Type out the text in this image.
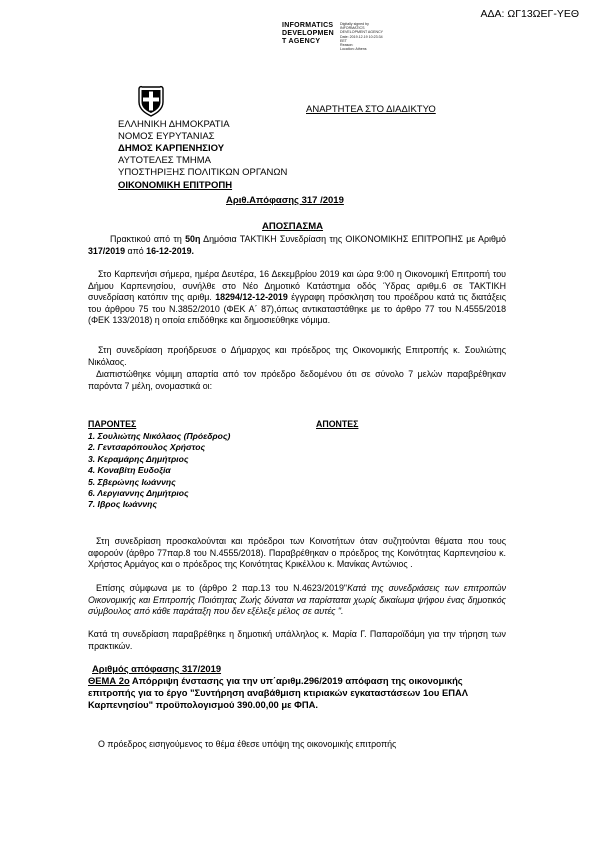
ΑΔΑ: ΩΓ13ΩΕΓ-ΥΕΘ
INFORMATICS
DEVELOPMEN
T AGENCY
Digitally signed by
INFORMATICS
DEVELOPMENT AGENCY
Date: 2019.12.19 10:23:34
EET
Reason:
Location: Athens
ΑΝΑΡΤΗΤΕΑ ΣΤΟ ΔΙΑΔΙΚΤΥΟ
ΕΛΛΗΝΙΚΗ ΔΗΜΟΚΡΑΤΙΑ
ΝΟΜΟΣ ΕΥΡΥΤΑΝΙΑΣ
ΔΗΜΟΣ ΚΑΡΠΕΝΗΣΙΟΥ
ΑΥΤΟΤΕΛΕΣ ΤΜΗΜΑ
ΥΠΟΣΤΗΡΙΞΗΣ ΠΟΛΙΤΙΚΩΝ ΟΡΓΑΝΩΝ
ΟΙΚΟΝΟΜΙΚΗ ΕΠΙΤΡΟΠΗ
Αριθ.Απόφασης 317 /2019
ΑΠΟΣΠΑΣΜΑ
Πρακτικού από τη 50η Δημόσια ΤΑΚΤΙΚΗ Συνεδρίαση της ΟΙΚΟΝΟΜΙΚΗΣ ΕΠΙΤΡΟΠΗΣ με Αριθμό 317/2019 από 16-12-2019.
Στο Καρπενήσι σήμερα, ημέρα Δευτέρα, 16 Δεκεμβρίου 2019 και ώρα 9:00 η Οικονομική Επιτροπή του Δήμου Καρπενησίου, συνήλθε στο Νέο Δημοτικό Κατάστημα οδός Ύδρας αριθμ.6 σε ΤΑΚΤΙΚΗ συνεδρίαση κατόπιν της αριθμ. 18294/12-12-2019 έγγραφη πρόσκληση του προέδρου κατά τις διατάξεις του άρθρου 75 του Ν.3852/2010 (ΦΕΚ Α΄ 87),όπως αντικαταστάθηκε με το άρθρο 77 του Ν.4555/2018 (ΦΕΚ 133/2018) η οποία επιδόθηκε και δημοσιεύθηκε νόμιμα.
Στη συνεδρίαση προήδρευσε ο Δήμαρχος και πρόεδρος της Οικονομικής Επιτροπής κ. Σουλιώτης Νικόλαος.
Διαπιστώθηκε νόμιμη απαρτία από τον πρόεδρο δεδομένου ότι σε σύνολο 7 μελών παραβρέθηκαν παρόντα 7 μέλη, ονομαστικά οι:
ΠΑΡΟΝΤΕΣ	ΑΠΟΝΤΕΣ
1. Σουλιώτης Νικόλαος (Πρόεδρος)
2. Γεντσαρόπουλος Χρήστος
3. Κεραμάρης Δημήτριος
4. Κοναβίτη Ευδοξία
5. Σβερώνης Ιωάννης
6. Λεργιαννης Δημήτριος
7. Ιβρος Ιωάννης
Στη συνεδρίαση προσκαλούνται και πρόεδροι των Κοινοτήτων όταν συζητούνται θέματα που τους αφορούν (άρθρο 77παρ.8 του Ν.4555/2018). Παραβρέθηκαν ο πρόεδρος της Κοινότητας Καρπενησίου κ. Χρήστος Αρμάγος και ο πρόεδρος της Κοινότητας Κρικέλλου κ. Μανίκας Αντώνιος .
Επίσης σύμφωνα με το (άρθρο 2 παρ.13 του Ν.4623/2019"Κατά της συνεδριάσεις των επιτροπών Οικονομικής και Επιτροπής Ποιότητας Ζωής δύναται να παρίσταται χωρίς δικαίωμα ψήφου ένας δημοτικός σύμβουλος από κάθε παράταξη που δεν εξέλεξε μέλος σε αυτές ".
Κατά τη συνεδρίαση παραβρέθηκε η δημοτική υπάλληλος κ. Μαρία Γ. Παπαροϊδάμη για την τήρηση των πρακτικών.
Αριθμός απόφασης 317/2019
ΘΕΜΑ 2ο Απόρριψη ένστασης για την υπ΄αριθμ.296/2019 απόφαση της οικονομικής επιτροπής για το έργο "Συντήρηση αναβάθμιση κτιριακών εγκαταστάσεων 1ου ΕΠΑΛ Καρπενησίου" προϋπολογισμού 390.00,00 με ΦΠΑ.
Ο πρόεδρος εισηγούμενος το θέμα έθεσε υπόψη της οικονομικής επιτροπής
